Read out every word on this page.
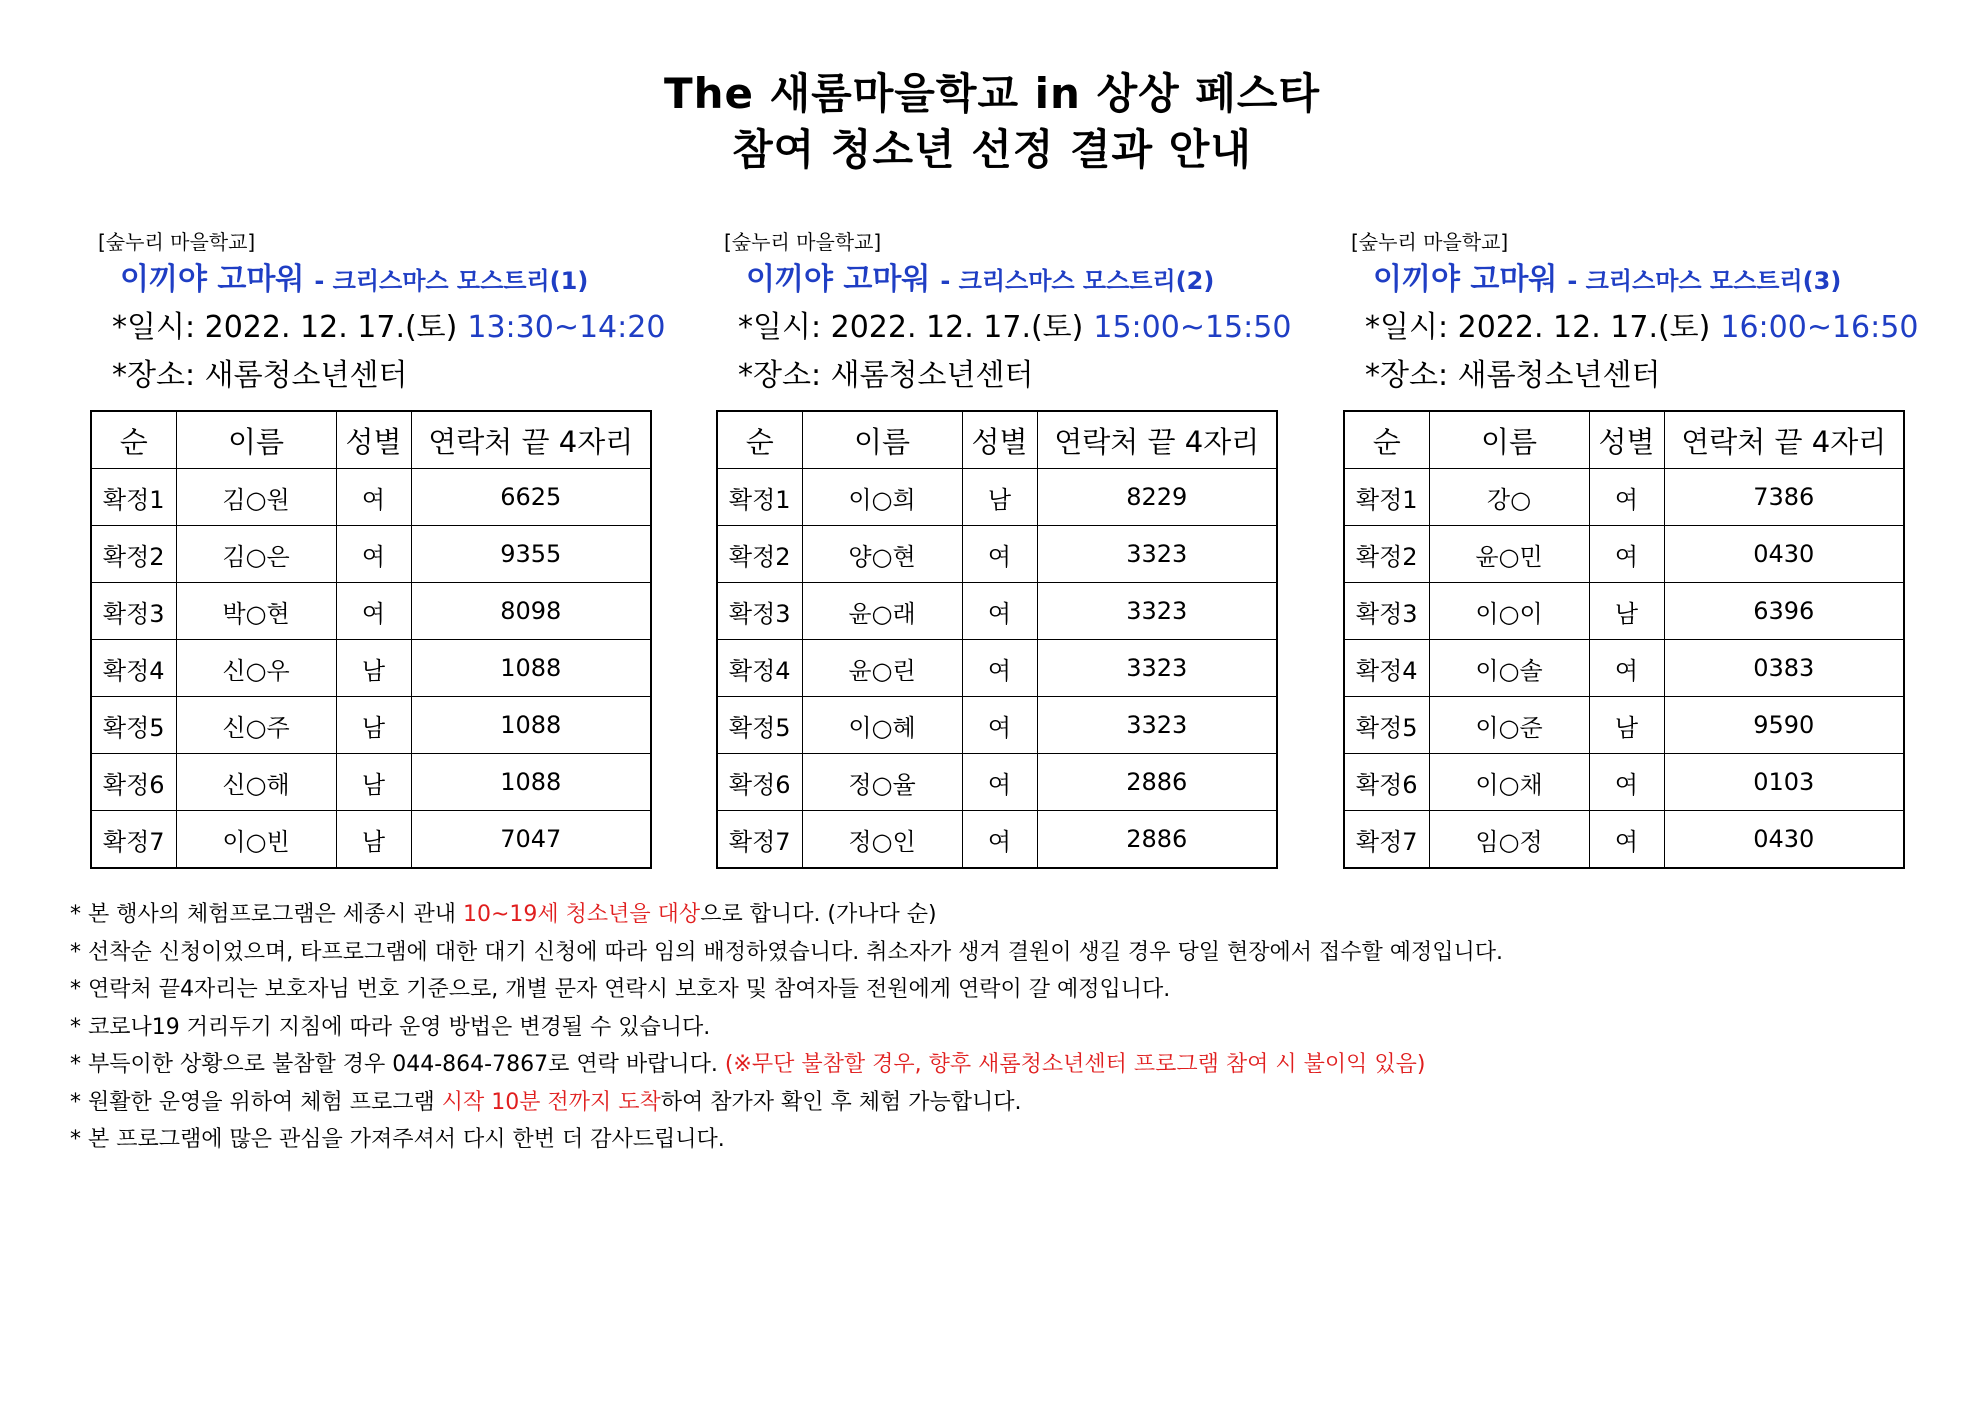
The 새롬마을학교 in 상상 페스타
참여 청소년 선정 결과 안내
[숲누리 마을학교]
이끼야 고마워 - 크리스마스 모스트리(1)
*일시: 2022. 12. 17.(토) 13:30~14:20
*장소: 새롬청소년센터
순	이름	성별	연락처 끝 4자리
확정1	김○원	여	6625
확정2	김○은	여	9355
확정3	박○현	여	8098
확정4	신○우	남	1088
확정5	신○주	남	1088
확정6	신○해	남	1088
확정7	이○빈	남	7047
[숲누리 마을학교]
이끼야 고마워 - 크리스마스 모스트리(2)
*일시: 2022. 12. 17.(토) 15:00~15:50
*장소: 새롬청소년센터
순	이름	성별	연락처 끝 4자리
확정1	이○희	남	8229
확정2	양○현	여	3323
확정3	윤○래	여	3323
확정4	윤○린	여	3323
확정5	이○혜	여	3323
확정6	정○율	여	2886
확정7	정○인	여	2886
[숲누리 마을학교]
이끼야 고마워 - 크리스마스 모스트리(3)
*일시: 2022. 12. 17.(토) 16:00~16:50
*장소: 새롬청소년센터
순	이름	성별	연락처 끝 4자리
확정1	강○	여	7386
확정2	윤○민	여	0430
확정3	이○이	남	6396
확정4	이○솔	여	0383
확정5	이○준	남	9590
확정6	이○채	여	0103
확정7	임○정	여	0430
* 본 행사의 체험프로그램은 세종시 관내 10~19세 청소년을 대상으로 합니다. (가나다 순)
* 선착순 신청이었으며, 타프로그램에 대한 대기 신청에 따라 임의 배정하였습니다. 취소자가 생겨 결원이 생길 경우 당일 현장에서 접수할 예정입니다.
* 연락처 끝4자리는 보호자님 번호 기준으로, 개별 문자 연락시 보호자 및 참여자들 전원에게 연락이 갈 예정입니다.
* 코로나19 거리두기 지침에 따라 운영 방법은 변경될 수 있습니다.
* 부득이한 상황으로 불참할 경우 044-864-7867로 연락 바랍니다. (※무단 불참할 경우, 향후 새롬청소년센터 프로그램 참여 시 불이익 있음)
* 원활한 운영을 위하여 체험 프로그램 시작 10분 전까지 도착하여 참가자 확인 후 체험 가능합니다.
* 본 프로그램에 많은 관심을 가져주셔서 다시 한번 더 감사드립니다.
